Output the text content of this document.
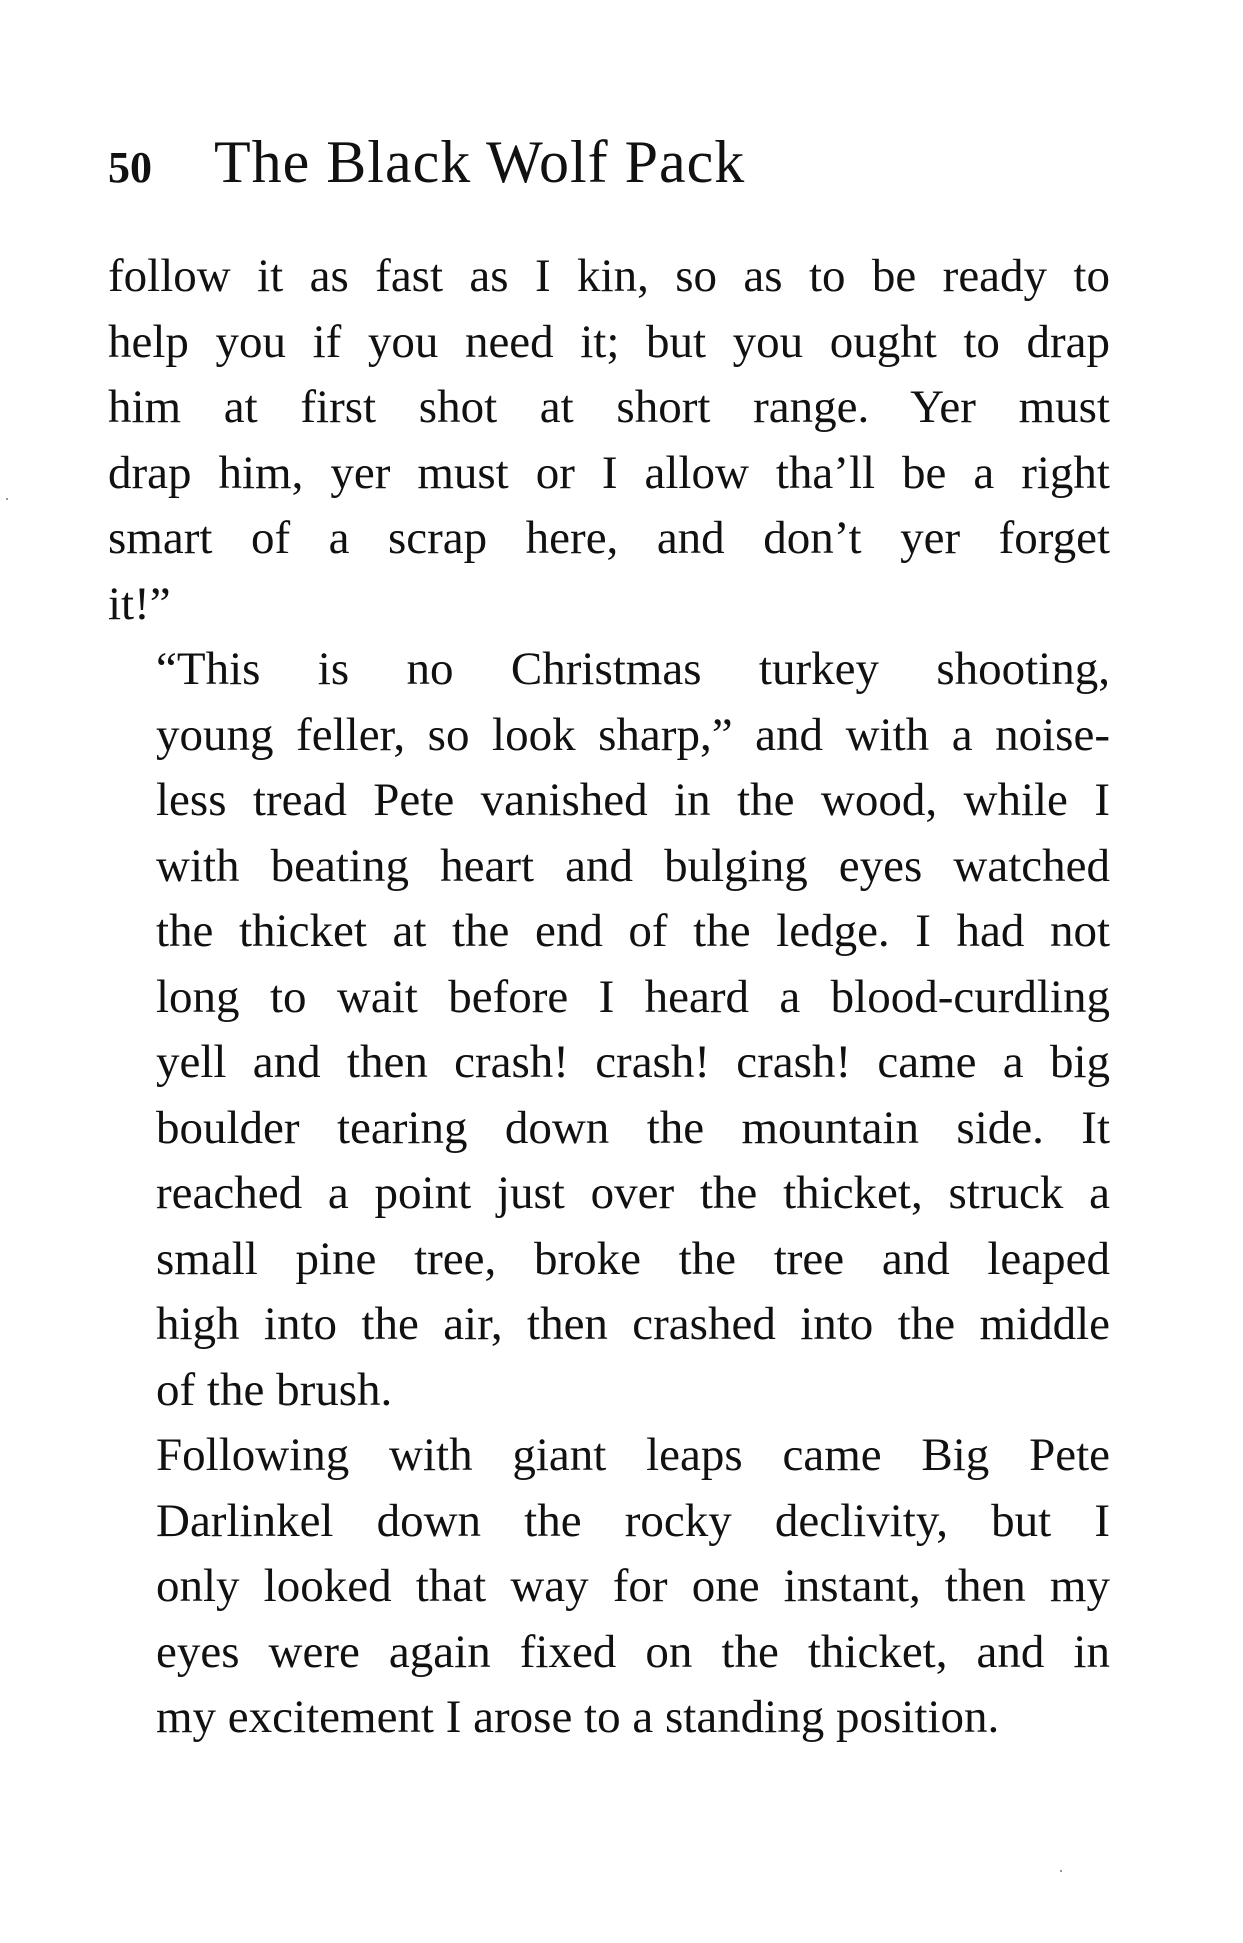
50 The Black Wolf Pack

follow it as fast as I kin, so as to be ready to
help you if you need it; but you ought to drap
him at first shot at short range. Yer must
drap him, yer must or I allow tha’ll be a right
smart of a scrap here, and don’t yer forget
it!”

“This is no Christmas turkey shooting,
young feller, so look sharp,” and with a noise-
less tread Pete vanished in the wood, while I
with beating heart and bulging eyes watched
the thicket at the end of the ledge. I had not
long to wait before I heard a blood-curdling
yell and then crash! crash! crash! came a big
boulder tearing down the mountain side. It
reached a point just over the thicket, struck a
small pine tree, broke the tree and leaped
high into the air, then crashed into the middle
of the brush.

Following with giant leaps came Big Pete
Darlinkel down the rocky declivity, but I
only looked that way for one instant, then my
eyes were again fixed on the thicket, and in
my excitement I arose to a standing position.
